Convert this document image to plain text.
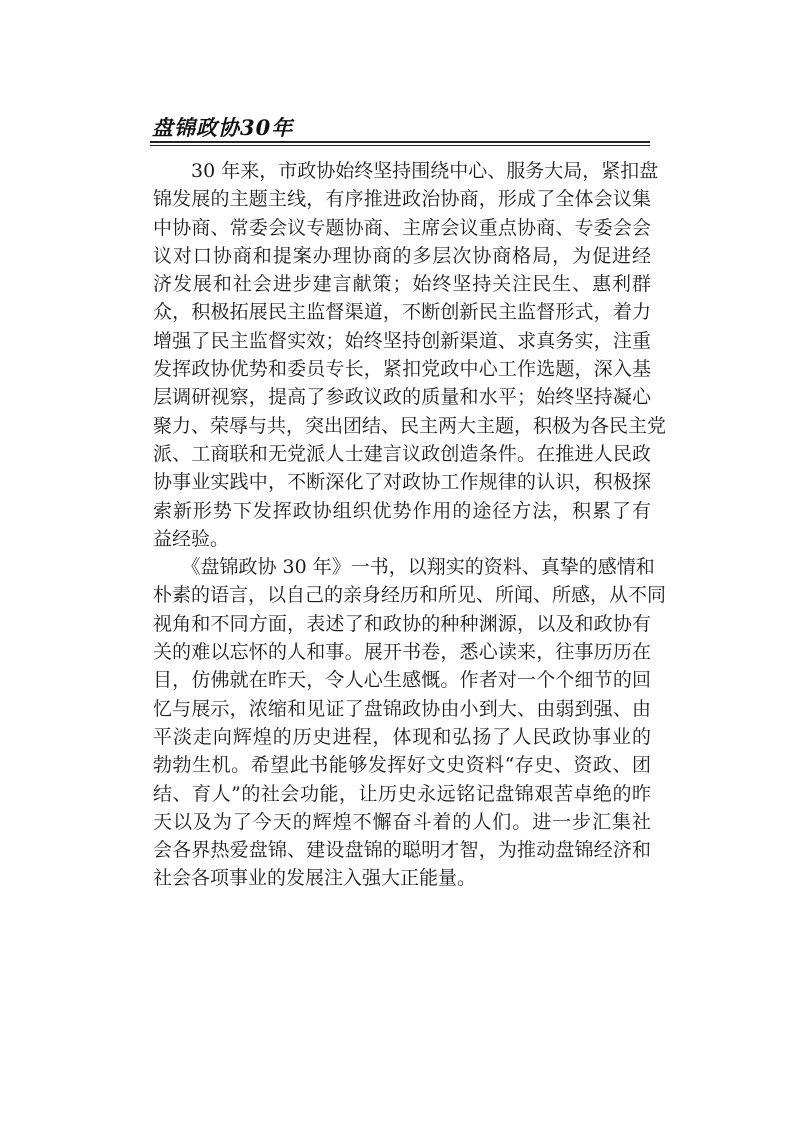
盘锦政协30年
　　30 年来，市政协始终坚持围绕中心、服务大局，紧扣盘
锦发展的主题主线，有序推进政治协商，形成了全体会议集
中协商、常委会议专题协商、主席会议重点协商、专委会会
议对口协商和提案办理协商的多层次协商格局，为促进经
济发展和社会进步建言献策；始终坚持关注民生、惠利群
众，积极拓展民主监督渠道，不断创新民主监督形式，着力
增强了民主监督实效；始终坚持创新渠道、求真务实，注重
发挥政协优势和委员专长，紧扣党政中心工作选题，深入基
层调研视察，提高了参政议政的质量和水平；始终坚持凝心
聚力、荣辱与共，突出团结、民主两大主题，积极为各民主党
派、工商联和无党派人士建言议政创造条件。在推进人民政
协事业实践中，不断深化了对政协工作规律的认识，积极探
索新形势下发挥政协组织优势作用的途径方法，积累了有
益经验。
　　《盘锦政协 30 年》一书，以翔实的资料、真挚的感情和
朴素的语言，以自己的亲身经历和所见、所闻、所感，从不同
视角和不同方面，表述了和政协的种种渊源，以及和政协有
关的难以忘怀的人和事。展开书卷，悉心读来，往事历历在
目，仿佛就在昨天，令人心生感慨。作者对一个个细节的回
忆与展示，浓缩和见证了盘锦政协由小到大、由弱到强、由
平淡走向辉煌的历史进程，体现和弘扬了人民政协事业的
勃勃生机。希望此书能够发挥好文史资料“存史、资政、团
结、育人”的社会功能，让历史永远铭记盘锦艰苦卓绝的昨
天以及为了今天的辉煌不懈奋斗着的人们。进一步汇集社
会各界热爱盘锦、建设盘锦的聪明才智，为推动盘锦经济和
社会各项事业的发展注入强大正能量。
